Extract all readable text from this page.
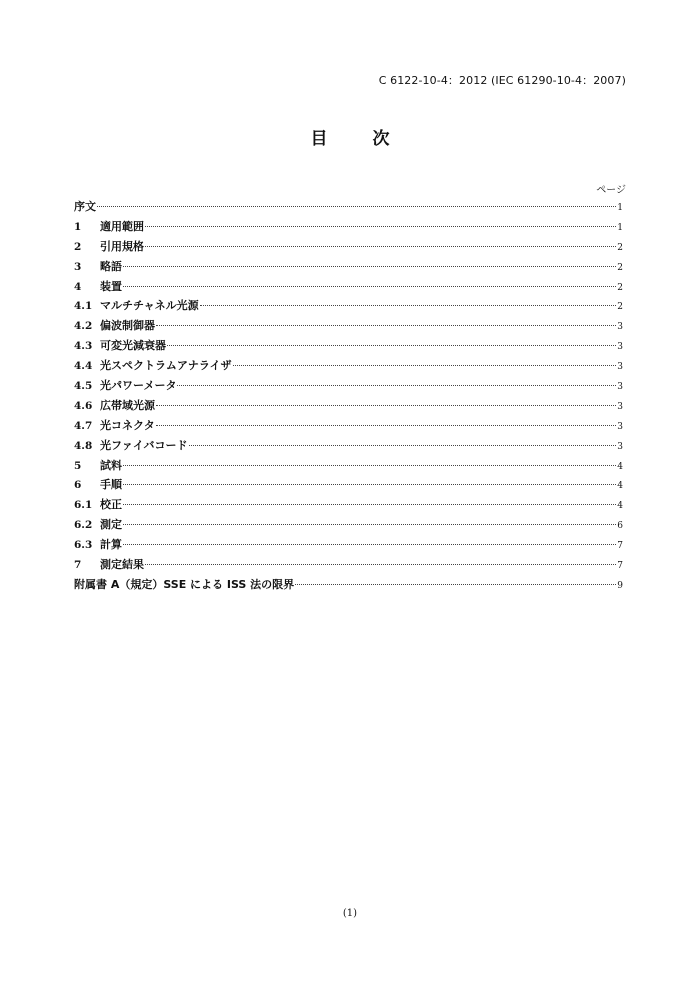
C 6122-10-4：2012 (IEC 61290-10-4：2007)
目　次
ページ
序文	1
1	適用範囲	1
2	引用規格	2
3	略語	2
4	装置	2
4.1 マルチチャネル光源	2
4.2 偏波制御器	3
4.3 可変光減衰器	3
4.4 光スペクトラムアナライザ	3
4.5 光パワーメータ	3
4.6 広帯域光源	3
4.7 光コネクタ	3
4.8 光ファイバコード	3
5	試料	4
6	手順	4
6.1 校正	4
6.2 測定	6
6.3 計算	7
7	測定結果	7
附属書 A（規定）SSE による ISS 法の限界	9
(1)
